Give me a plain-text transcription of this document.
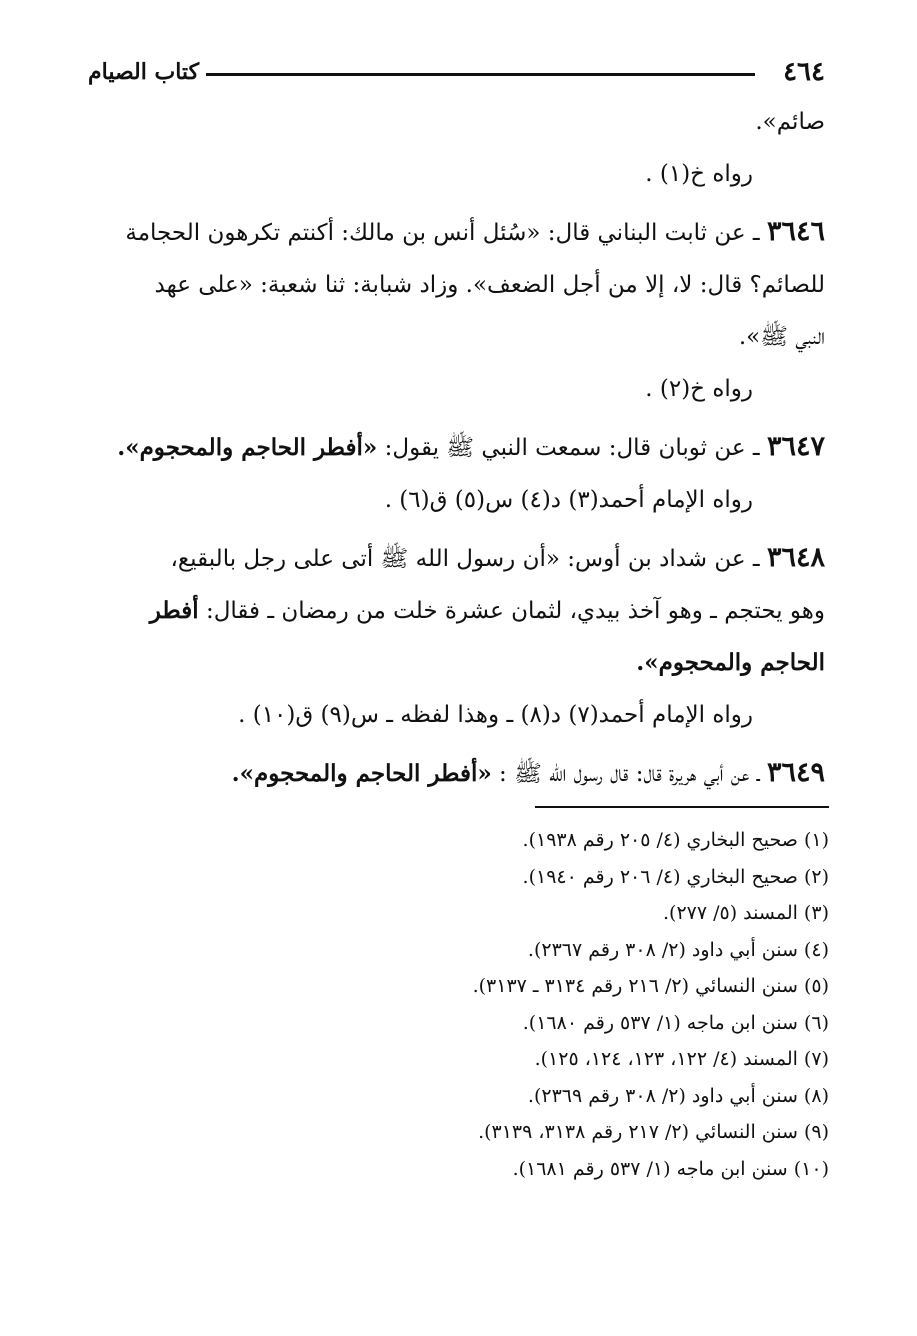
٤٦٤
كتاب الصيام

صائم».

رواه خ(١) .

٣٦٤٦ ـ عن ثابت البناني قال: «سُئل أنس بن مالك: أكنتم تكرهون الحجامة

للصائم؟ قال: لا، إلا من أجل الضعف». وزاد شبابة: ثنا شعبة: «على عهد

النبي ﷺ».

رواه خ(٢) .

٣٦٤٧ ـ عن ثوبان قال: سمعت النبي ﷺ يقول: «أفطر الحاجم والمحجوم».

رواه الإمام أحمد(٣) د(٤) س(٥) ق(٦) .

٣٦٤٨ ـ عن شداد بن أوس: «أن رسول الله ﷺ أتى على رجل بالبقيع،

وهو يحتجم ـ وهو آخذ بيدي، لثمان عشرة خلت من رمضان ـ فقال: أفطر

الحاجم والمحجوم».

رواه الإمام أحمد(٧) د(٨) ـ وهذا لفظه ـ س(٩) ق(١٠) .

٣٦٤٩ ـ عن أبي هريرة قال: قال رسول الله ﷺ : «أفطر الحاجم والمحجوم».

(١) صحيح البخاري (٤/ ٢٠٥ رقم ١٩٣٨).
(٢) صحيح البخاري (٤/ ٢٠٦ رقم ١٩٤٠).
(٣) المسند (٥/ ٢٧٧).
(٤) سنن أبي داود (٢/ ٣٠٨ رقم ٢٣٦٧).
(٥) سنن النسائي (٢/ ٢١٦ رقم ٣١٣٤ ـ ٣١٣٧).
(٦) سنن ابن ماجه (١/ ٥٣٧ رقم ١٦٨٠).
(٧) المسند (٤/ ١٢٢، ١٢٣، ١٢٤، ١٢٥).
(٨) سنن أبي داود (٢/ ٣٠٨ رقم ٢٣٦٩).
(٩) سنن النسائي (٢/ ٢١٧ رقم ٣١٣٨، ٣١٣٩).
(١٠) سنن ابن ماجه (١/ ٥٣٧ رقم ١٦٨١).
